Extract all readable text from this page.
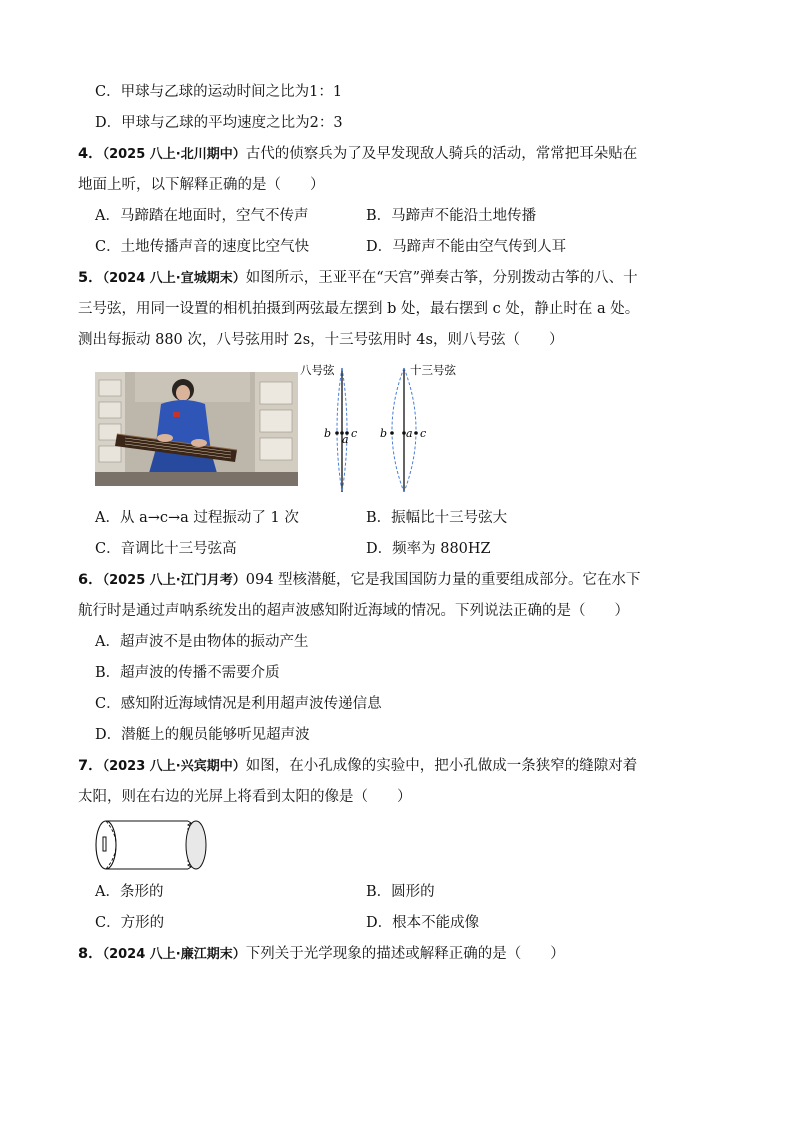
C．甲球与乙球的运动时间之比为1：1
D．甲球与乙球的平均速度之比为2：3
4．（2025 八上·北川期中）古代的侦察兵为了及早发现敌人骑兵的活动，常常把耳朵贴在
地面上听，以下解释正确的是（　　）
A．马蹄踏在地面时，空气不传声	B．马蹄声不能沿土地传播
C．土地传播声音的速度比空气快	D．马蹄声不能由空气传到人耳
5．（2024 八上·宣城期末）如图所示，王亚平在“天宫”弹奏古筝，分别拨动古筝的八、十
三号弦，用同一设置的相机拍摄到两弦最左摆到 b 处，最右摆到 c 处，静止时在 a 处。
测出每振动 880 次，八号弦用时 2s，十三号弦用时 4s，则八号弦（　　）
八号弦
b a c
十三号弦
b a c
A．从 a→c→a 过程振动了 1 次	B．振幅比十三号弦大
C．音调比十三号弦高	D．频率为 880HZ
6．（2025 八上·江门月考）094 型核潜艇，它是我国国防力量的重要组成部分。它在水下
航行时是通过声呐系统发出的超声波感知附近海域的情况。下列说法正确的是（　　）
A．超声波不是由物体的振动产生
B．超声波的传播不需要介质
C．感知附近海域情况是利用超声波传递信息
D．潜艇上的舰员能够听见超声波
7．（2023 八上·兴宾期中）如图，在小孔成像的实验中，把小孔做成一条狭窄的缝隙对着
太阳，则在右边的光屏上将看到太阳的像是（　　）
A．条形的	B．圆形的
C．方形的	D．根本不能成像
8．（2024 八上·廉江期末）下列关于光学现象的描述或解释正确的是（　　）
